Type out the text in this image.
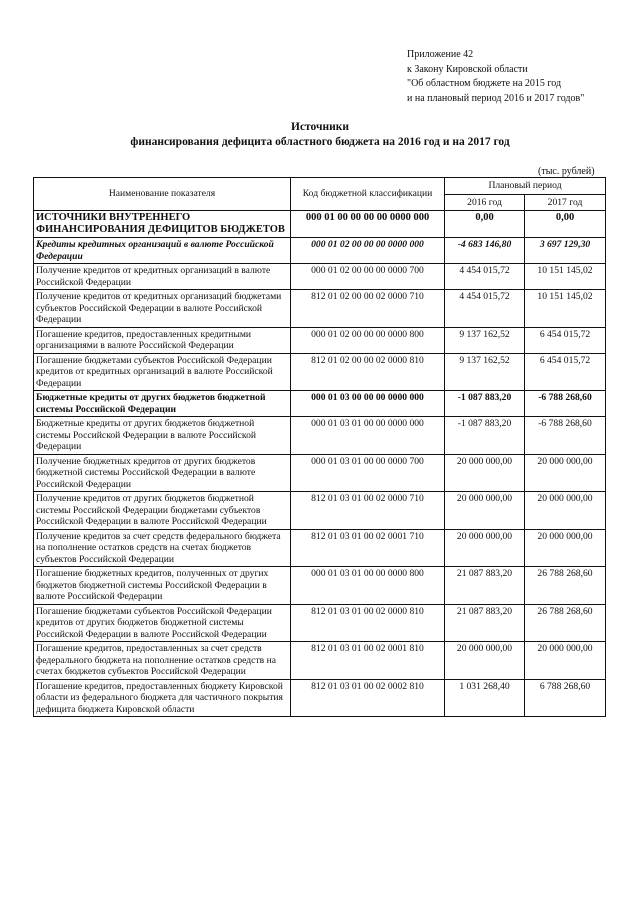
Приложение 42
к Закону Кировской области
"Об областном бюджете на 2015 год
и на плановый период 2016 и 2017 годов"
Источники
финансирования дефицита областного бюджета на 2016 год и на 2017 год
(тыс. рублей)
Наименование показателя	Код бюджетной классификации	Плановый период	
		2016 год	2017 год
ИСТОЧНИКИ ВНУТРЕННЕГО ФИНАНСИРОВАНИЯ ДЕФИЦИТОВ БЮДЖЕТОВ	000 01 00 00 00 00 0000 000	0,00	0,00
Кредиты кредитных организаций в валюте Российской Федерации	000 01 02 00 00 00 0000 000	-4 683 146,80	3 697 129,30
Получение кредитов от кредитных организаций в валюте Российской Федерации	000 01 02 00 00 00 0000 700	4 454 015,72	10 151 145,02
Получение кредитов от кредитных организаций бюджетами субъектов Российской Федерации в валюте Российской Федерации	812 01 02 00 00 02 0000 710	4 454 015,72	10 151 145,02
Погашение кредитов, предоставленных кредитными организациями в валюте Российской Федерации	000 01 02 00 00 00 0000 800	9 137 162,52	6 454 015,72
Погашение бюджетами субъектов Российской Федерации кредитов от кредитных организаций в валюте Российской Федерации	812 01 02 00 00 02 0000 810	9 137 162,52	6 454 015,72
Бюджетные кредиты от других бюджетов бюджетной системы Российской Федерации	000 01 03 00 00 00 0000 000	-1 087 883,20	-6 788 268,60
Бюджетные кредиты от других бюджетов бюджетной системы Российской Федерации в валюте Российской Федерации	000 01 03 01 00 00 0000 000	-1 087 883,20	-6 788 268,60
Получение бюджетных кредитов от других бюджетов бюджетной системы Российской Федерации в валюте Российской Федерации	000 01 03 01 00 00 0000 700	20 000 000,00	20 000 000,00
Получение кредитов от других бюджетов бюджетной системы Российской Федерации бюджетами субъектов Российской Федерации в валюте Российской Федерации	812 01 03 01 00 02 0000 710	20 000 000,00	20 000 000,00
Получение кредитов за счет средств федерального бюджета на пополнение остатков средств на счетах бюджетов субъектов Российской Федерации	812 01 03 01 00 02 0001 710	20 000 000,00	20 000 000,00
Погашение бюджетных кредитов, полученных от других бюджетов бюджетной системы Российской Федерации в валюте Российской Федерации	000 01 03 01 00 00 0000 800	21 087 883,20	26 788 268,60
Погашение бюджетами субъектов Российской Федерации кредитов от других бюджетов бюджетной системы Российской Федерации в валюте Российской Федерации	812 01 03 01 00 02 0000 810	21 087 883,20	26 788 268,60
Погашение кредитов, предоставленных за счет средств федерального бюджета на пополнение остатков средств на счетах бюджетов субъектов Российской Федерации	812 01 03 01 00 02 0001 810	20 000 000,00	20 000 000,00
Погашение кредитов, предоставленных бюджету Кировской области из федерального бюджета для частичного покрытия дефицита бюджета Кировской области	812 01 03 01 00 02 0002 810	1 031 268,40	6 788 268,60
